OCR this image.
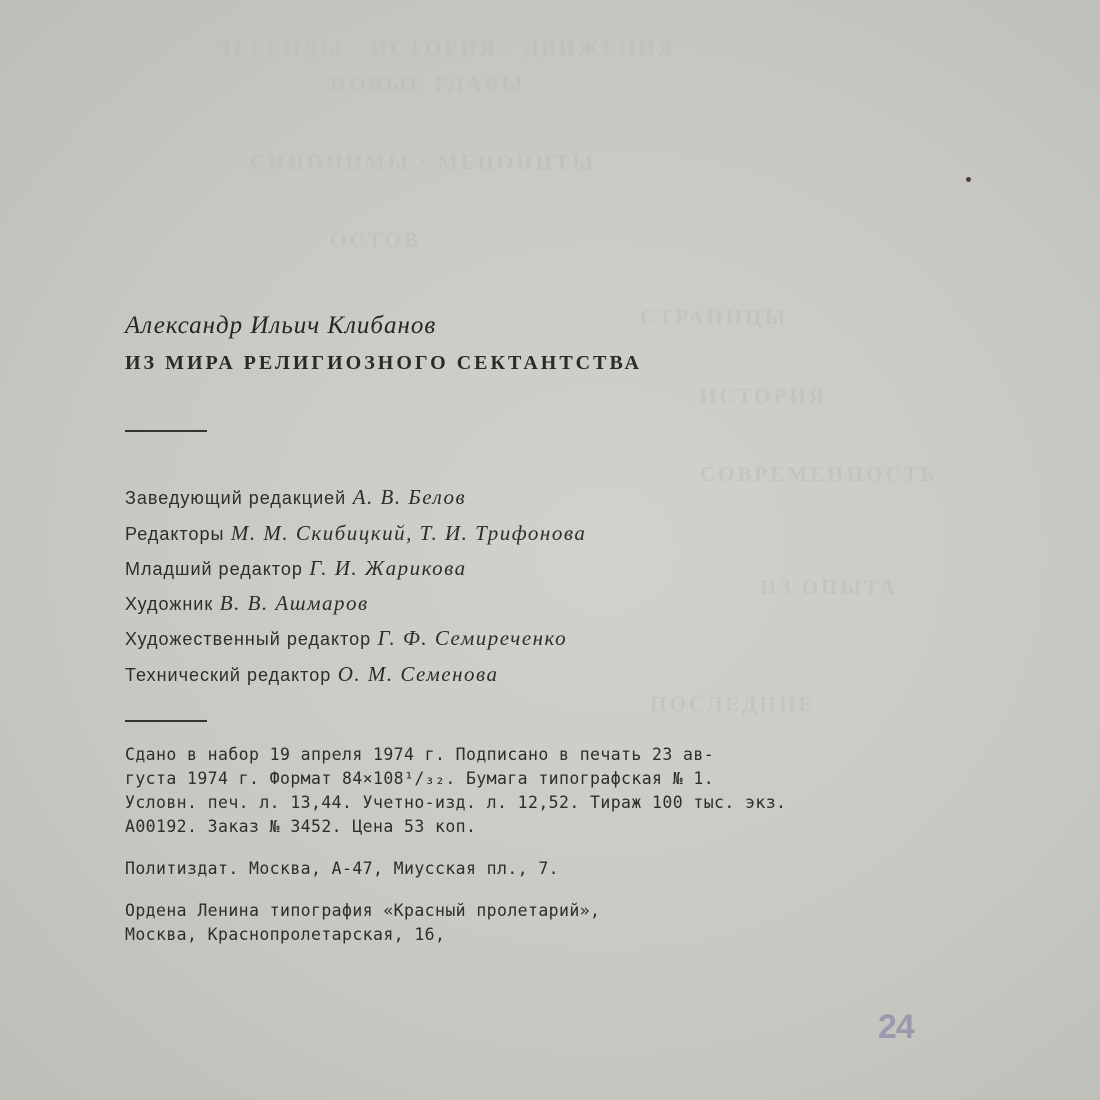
ЛЕГЕНДЫ · ИСТОРИЯ · ДВИЖЕНИЯ
НОВЫЕ ГЛАВЫ
СИНОНИМЫ · МЕНОНИТЫ
ОСТОВ
СТРАНИЦЫ
ИСТОРИЯ
СОВРЕМЕННОСТЬ
ИЗ ОПЫТА
ПОСЛЕДНИЕ
Александр Ильич Клибанов
ИЗ МИРА РЕЛИГИОЗНОГО СЕКТАНТСТВА
Заведующий редакцией А. В. Белов
Редакторы М. М. Скибицкий, Т. И. Трифонова
Младший редактор Г. И. Жарикова
Художник В. В. Ашмаров
Художественный редактор Г. Ф. Семиреченко
Технический редактор О. М. Семенова
Сдано в набор 19 апреля 1974 г. Подписано в печать 23 ав-
густа 1974 г. Формат 84×108¹/₃₂. Бумага типографская № 1.
Условн. печ. л. 13,44. Учетно-изд. л. 12,52. Тираж 100 тыс. экз.
А00192. Заказ № 3452. Цена 53 коп.
Политиздат. Москва, А-47, Миусская пл., 7.
Ордена Ленина типография «Красный пролетарий»,
Москва, Краснопролетарская, 16,
24
